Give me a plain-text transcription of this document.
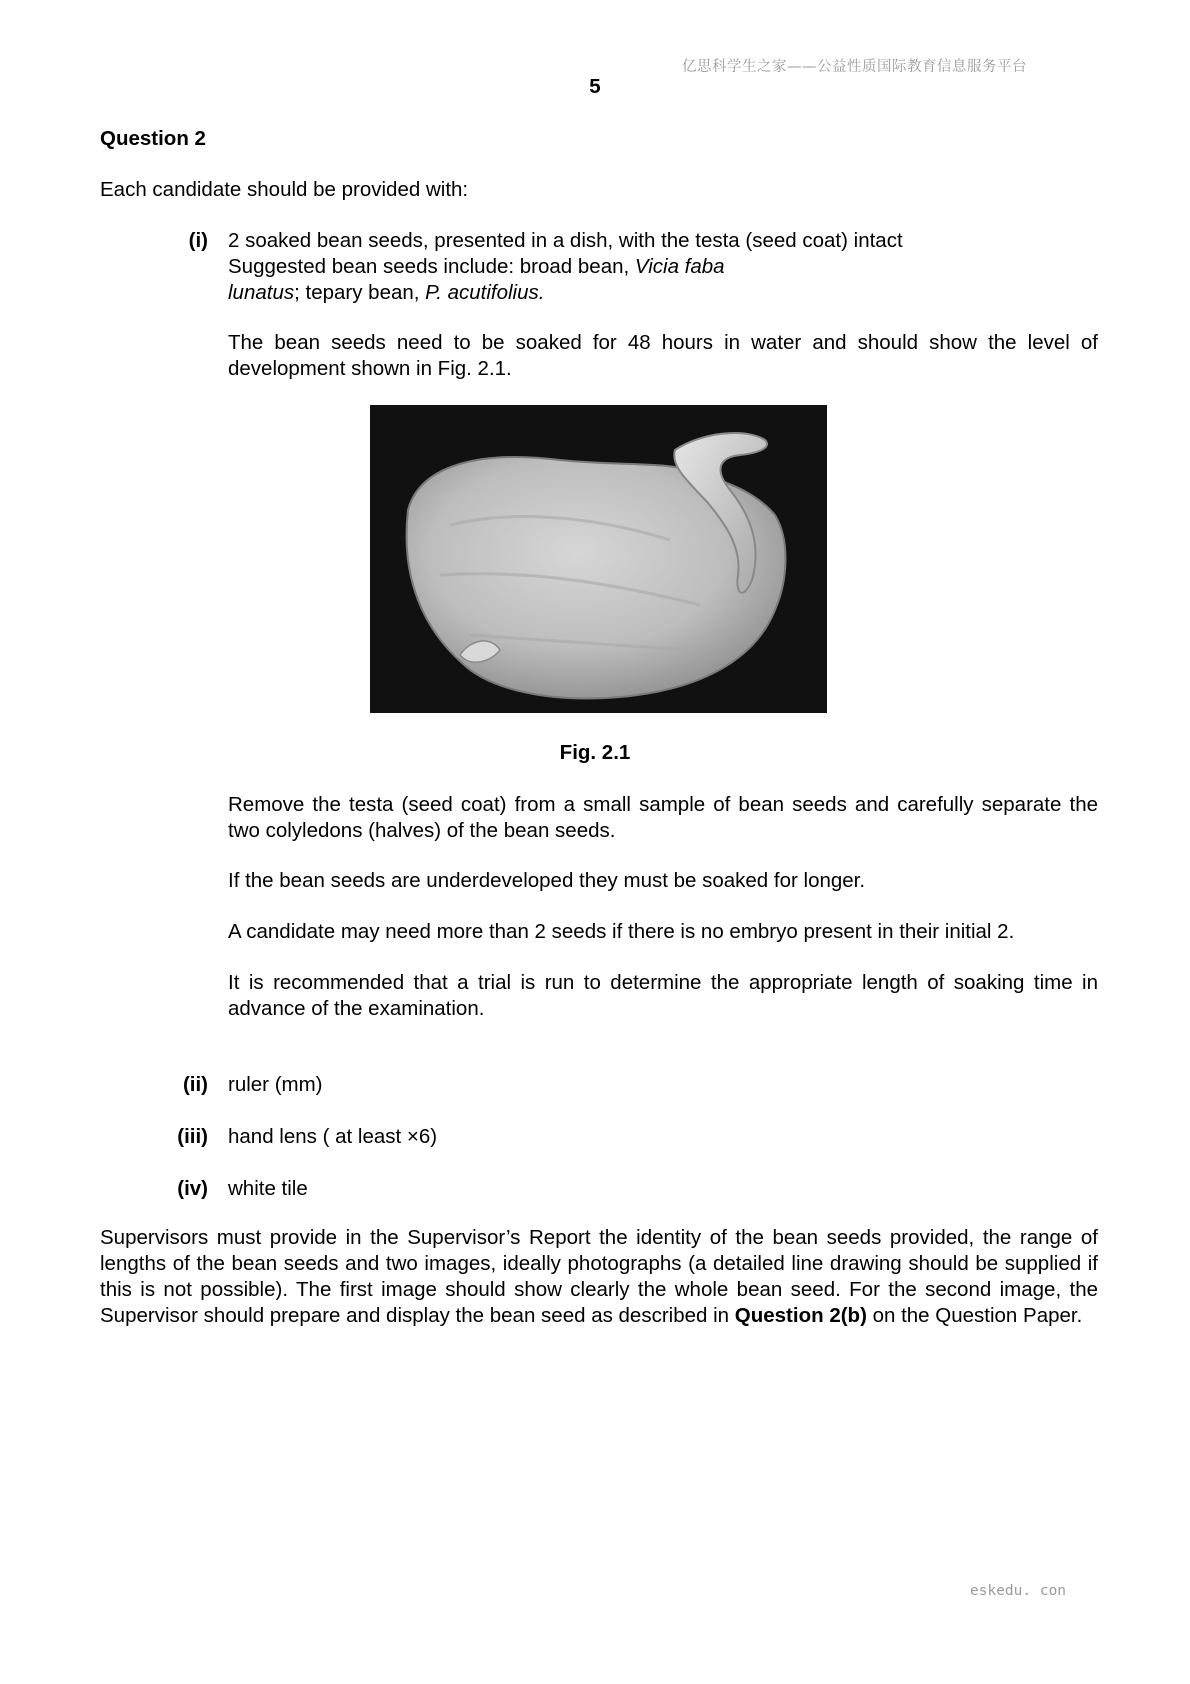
亿思科学生之家——公益性质国际教育信息服务平台
5
Question 2
Each candidate should be provided with:
(i) 2 soaked bean seeds, presented in a dish, with the testa (seed coat) intact
Suggested bean seeds include: broad bean, Vicia faba
lunatus; tepary bean, P. acutifolius.
The bean seeds need to be soaked for 48 hours in water and should show the level of development shown in Fig. 2.1.
Fig. 2.1
Remove the testa (seed coat) from a small sample of bean seeds and carefully separate the two colyledons (halves) of the bean seeds.
If the bean seeds are underdeveloped they must be soaked for longer.
A candidate may need more than 2 seeds if there is no embryo present in their initial 2.
It is recommended that a trial is run to determine the appropriate length of soaking time in advance of the examination.
(ii) ruler (mm)
(iii) hand lens ( at least ×6)
(iv) white tile
Supervisors must provide in the Supervisor’s Report the identity of the bean seeds provided, the range of lengths of the bean seeds and two images, ideally photographs (a detailed line drawing should be supplied if this is not possible). The first image should show clearly the whole bean seed. For the second image, the Supervisor should prepare and display the bean seed as described in Question 2(b) on the Question Paper.
eskedu. con
